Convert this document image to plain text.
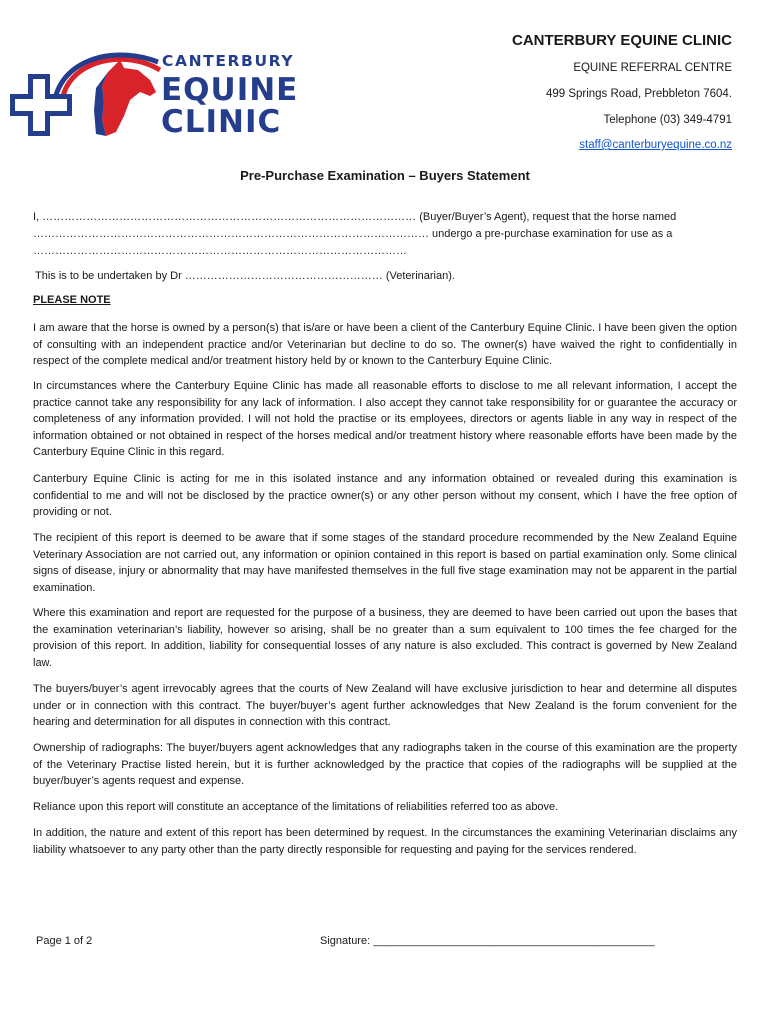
CANTERBURY
EQUINE
CLINIC
CANTERBURY EQUINE CLINIC
EQUINE REFERRAL CENTRE
499 Springs Road, Prebbleton 7604.
Telephone (03) 349-4791
staff@canterburyequine.co.nz
Pre-Purchase Examination – Buyers Statement
I, ………………………………………………………………………………………… (Buyer/Buyer’s Agent), request that the horse named
……………………………………………………………………………………………… undergo a pre-purchase examination for use as a
…………………………………………………………………………………………
This is to be undertaken by Dr ……………………………………………… (Veterinarian).
PLEASE NOTE

I am aware that the horse is owned by a person(s) that is/are or have been a client of the Canterbury Equine Clinic. I have been given the option of consulting with an independent practice and/or Veterinarian but decline to do so. The owner(s) have waived the right to confidentially in respect of the complete medical and/or treatment history held by or known to the Canterbury Equine Clinic.

In circumstances where the Canterbury Equine Clinic has made all reasonable efforts to disclose to me all relevant information, I accept the practice cannot take any responsibility for any lack of information. I also accept they cannot take responsibility for or guarantee the accuracy or completeness of any information provided. I will not hold the practise or its employees, directors or agents liable in any way in respect of the information obtained or not obtained in respect of the horses medical and/or treatment history where reasonable efforts have been made by the Canterbury Equine Clinic in this regard.

Canterbury Equine Clinic is acting for me in this isolated instance and any information obtained or revealed during this examination is confidential to me and will not be disclosed by the practice owner(s) or any other person without my consent, which I have the free option of providing or not.

The recipient of this report is deemed to be aware that if some stages of the standard procedure recommended by the New Zealand Equine Veterinary Association are not carried out, any information or opinion contained in this report is based on partial examination only. Some clinical signs of disease, injury or abnormality that may have manifested themselves in the full five stage examination may not be apparent in the partial examination.

Where this examination and report are requested for the purpose of a business, they are deemed to have been carried out upon the bases that the examination veterinarian’s liability, however so arising, shall be no greater than a sum equivalent to 100 times the fee charged for the provision of this report. In addition, liability for consequential losses of any nature is also excluded. This contract is governed by New Zealand law.

The buyers/buyer’s agent irrevocably agrees that the courts of New Zealand will have exclusive jurisdiction to hear and determine all disputes under or in connection with this contract. The buyer/buyer’s agent further acknowledges that New Zealand is the forum convenient for the hearing and determination for all disputes in connection with this contract.

Ownership of radiographs: The buyer/buyers agent acknowledges that any radiographs taken in the course of this examination are the property of the Veterinary Practise listed herein, but it is further acknowledged by the practice that copies of the radiographs will be supplied at the buyer/buyer’s agents request and expense.

Reliance upon this report will constitute an acceptance of the limitations of reliabilities referred too as above.

In addition, the nature and extent of this report has been determined by request. In the circumstances the examining Veterinarian disclaims any liability whatsoever to any party other than the party directly responsible for requesting and paying for the services rendered.

Page 1 of 2	Signature: ______________________________________________
